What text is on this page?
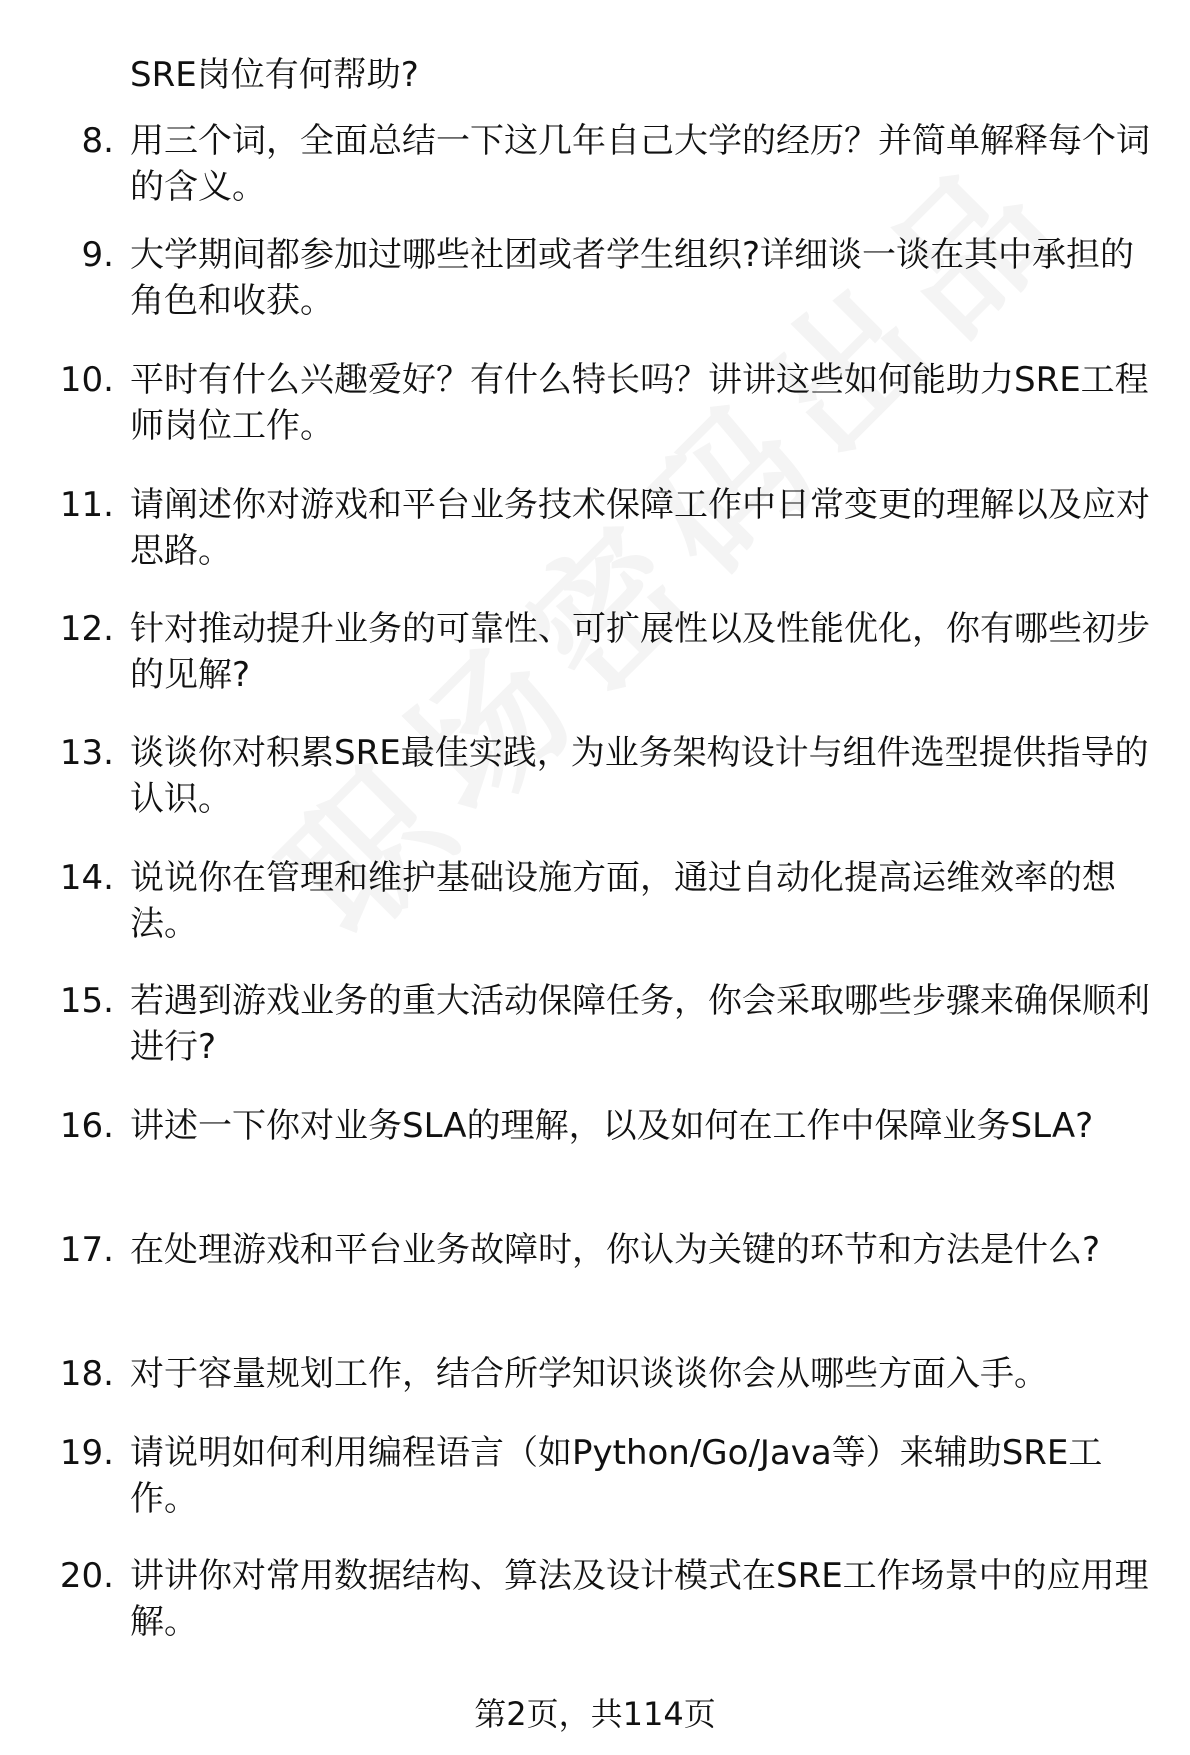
SRE岗位有何帮助?
8. 用三个词，全面总结一下这几年自己大学的经历？并简单解释每个词的含义。
9. 大学期间都参加过哪些社团或者学生组织?详细谈一谈在其中承担的角色和收获。
10. 平时有什么兴趣爱好？有什么特长吗？讲讲这些如何能助力SRE工程师岗位工作。
11. 请阐述你对游戏和平台业务技术保障工作中日常变更的理解以及应对思路。
12. 针对推动提升业务的可靠性、可扩展性以及性能优化，你有哪些初步的见解?
13. 谈谈你对积累SRE最佳实践，为业务架构设计与组件选型提供指导的认识。
14. 说说你在管理和维护基础设施方面，通过自动化提高运维效率的想法。
15. 若遇到游戏业务的重大活动保障任务，你会采取哪些步骤来确保顺利进行?
16. 讲述一下你对业务SLA的理解，以及如何在工作中保障业务SLA?
17. 在处理游戏和平台业务故障时，你认为关键的环节和方法是什么?
18. 对于容量规划工作，结合所学知识谈谈你会从哪些方面入手。
19. 请说明如何利用编程语言（如Python/Go/Java等）来辅助SRE工作。
20. 讲讲你对常用数据结构、算法及设计模式在SRE工作场景中的应用理解。
第2页，共114页
